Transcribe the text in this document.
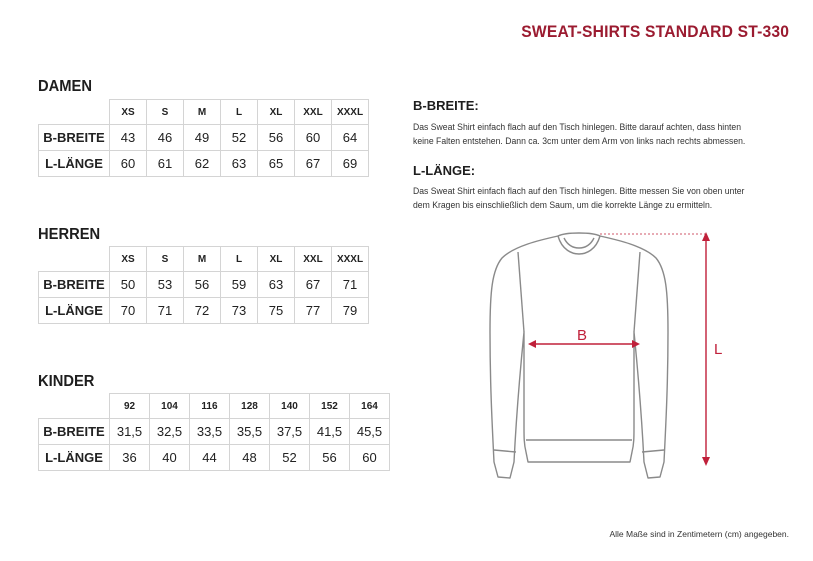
SWEAT-SHIRTS STANDARD ST-330
DAMEN
	XS	S	M	L	XL	XXL	XXXL
B-BREITE	43	46	49	52	56	60	64
L-LÄNGE	60	61	62	63	65	67	69
HERREN
	XS	S	M	L	XL	XXL	XXXL
B-BREITE	50	53	56	59	63	67	71
L-LÄNGE	70	71	72	73	75	77	79
KINDER
	92	104	116	128	140	152	164
B-BREITE	31,5	32,5	33,5	35,5	37,5	41,5	45,5
L-LÄNGE	36	40	44	48	52	56	60
B-BREITE:
Das Sweat Shirt einfach flach auf den Tisch hinlegen. Bitte darauf achten, dass hinten
keine Falten entstehen. Dann ca. 3cm unter dem Arm von links nach rechts abmessen.
L-LÄNGE:
Das Sweat Shirt einfach flach auf den Tisch hinlegen. Bitte messen Sie von oben unter
dem Kragen bis einschließlich dem Saum, um die korrekte Länge zu ermitteln.
B
L
Alle Maße sind in Zentimetern (cm) angegeben.
